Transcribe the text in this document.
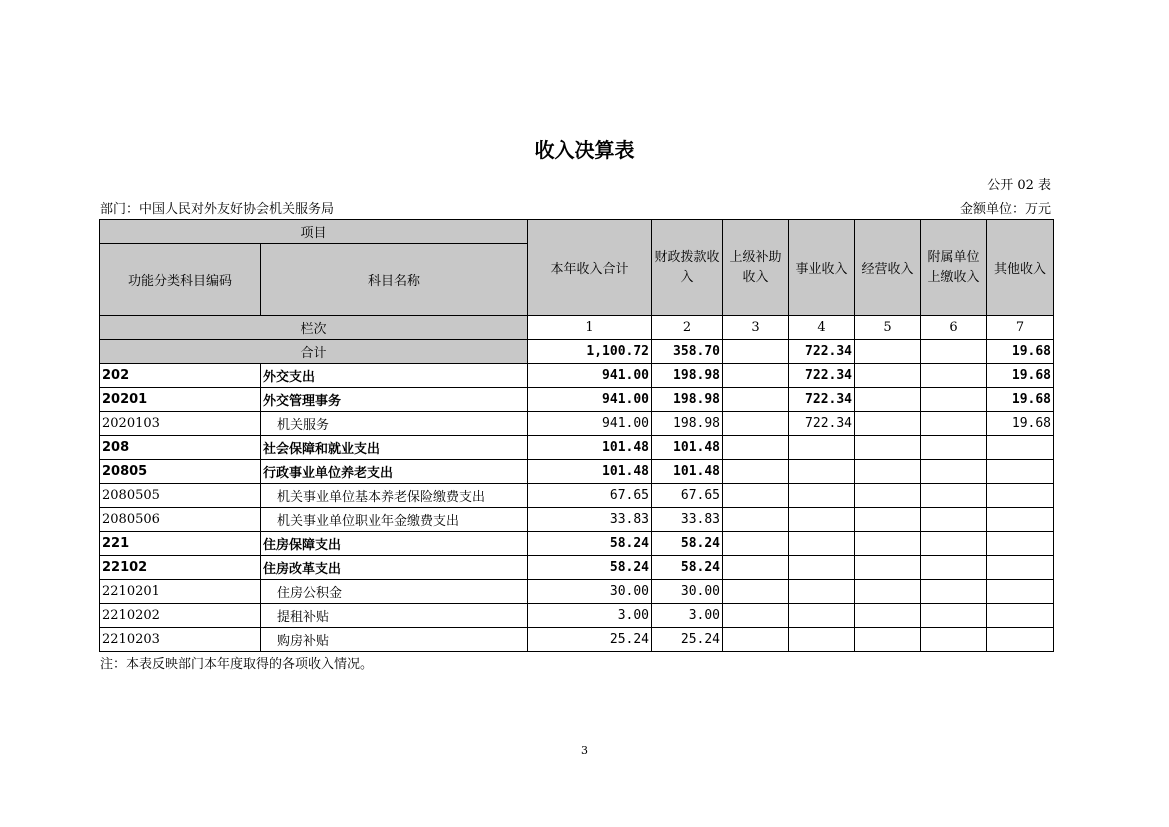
收入决算表
公开 02 表
部门：中国人民对外友好协会机关服务局	金额单位：万元
项目		本年收入合计	财政拨款收入	上级补助收入	事业收入	经营收入	附属单位上缴收入	其他收入
功能分类科目编码	科目名称							
栏次		1	2	3	4	5	6	7
合计		1,100.72	358.70		722.34			19.68
202	外交支出	941.00	198.98		722.34			19.68
20201	外交管理事务	941.00	198.98		722.34			19.68
2020103	机关服务	941.00	198.98		722.34			19.68
208	社会保障和就业支出	101.48	101.48					
20805	行政事业单位养老支出	101.48	101.48					
2080505	机关事业单位基本养老保险缴费支出	67.65	67.65					
2080506	机关事业单位职业年金缴费支出	33.83	33.83					
221	住房保障支出	58.24	58.24					
22102	住房改革支出	58.24	58.24					
2210201	住房公积金	30.00	30.00					
2210202	提租补贴	3.00	3.00					
2210203	购房补贴	25.24	25.24					
注：本表反映部门本年度取得的各项收入情况。
3
